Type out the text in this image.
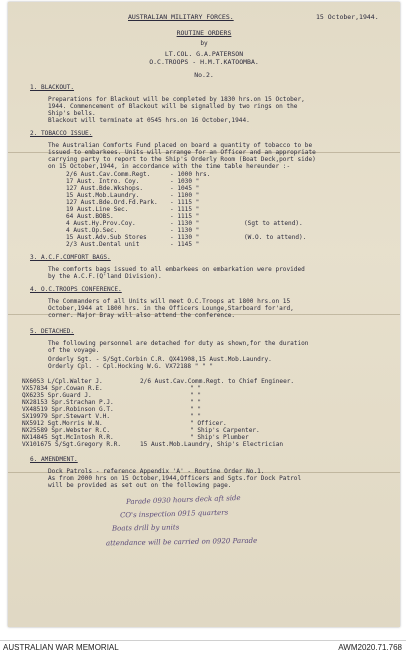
AUSTRALIAN MILITARY FORCES.	15 October,1944.
ROUTINE ORDERS
by
LT.COL. G.A.PATERSON
O.C.TROOPS - H.M.T.KATOOMBA.
No.2.
1. BLACKOUT.
Preparations for Blackout will be completed by 1830 hrs.on 15 October,
1944. Commencement of Blackout will be signalled by two rings on the
Ship's bells.
Blackout will terminate at 0545 hrs.on 16 October,1944.
2. TOBACCO ISSUE.
The Australian Comforts Fund placed on board a quantity of tobacco to be
issued to embarkees. Units will arrange for an Officer and an appropriate
carrying party to report to the Ship's Orderly Room (Boat Deck,port side)
on 15 October,1944, in accordance with the time table hereunder :-
2/6 Aust.Cav.Comm.Regt.	- 1000 hrs.
17 Aust. Intro. Coy.	- 1030 "
127 Aust.Bde.Wkshops.	- 1045 "
15 Aust.Mob.Laundry.	- 1100 "
127 Aust.Bde.Ord.Fd.Park. - 1115 "
19 Aust.Line Sec.	- 1115 "
64 Aust.BOBS.	- 1115 "
4 Aust.Hy.Prov.Coy.	- 1130 "	(Sgt to attend).
4 Aust.Op.Sec.	- 1130 "
15 Aust.Adv.Sub Stores	- 1130 "	(W.O. to attend).
2/3 Aust.Dental unit	- 1145 "
3. A.C.F.COMFORT BAGS.
The comforts bags issued to all embarkees on embarkation were provided
by the A.C.F.(Q'land Division).
4. O.C.TROOPS CONFERENCE.
The Commanders of all Units will meet O.C.Troops at 1800 hrs.on 15
October,1944 at 1800 hrs. in the Officers Lounge,Starboard for'ard,
corner. Major Bray will also attend the conference.
5. DETACHED.
The following personnel are detached for duty as shown,for the duration
of the voyage.
Orderly Sgt. - S/Sgt.Corbin C.R. QX41908,15 Aust.Mob.Laundry.
Orderly Cpl. - Cpl.Hocking W.G. VX72188 " " "
NX6053 L/Cpl.Walter J.	2/6 Aust.Cav.Comm.Regt. to Chief Engineer.
VX57834 Spr.Cowan R.E.	" "
QX6235 Spr.Guard J.	" "
NX28153 Spr.Strachan P.J.	" "
VX48519 Spr.Robinson G.T.	" "
SX19979 Spr.Stewart V.H.	" "
NX5912 Sgt.Morris W.N.	" Officer.
NX25589 Spr.Webster R.C.	" Ship's Carpenter.
NX14845 Sgt.McIntosh R.R.	" Ship's Plumber
VX101675 S/Sgt.Gregory R.R.	15 Aust.Mob.Laundry, Ship's Electrician
6. AMENDMENT.
Dock Patrols - reference Appendix 'A' - Routine Order No.1.
As from 2000 hrs on 15 October,1944,Officers and Sgts.for Dock Patrol
will be provided as set out on the following page.
Parade 0930 hours deck aft side
CO's inspection 0915 quarters
Boats drill by units
attendance will be carried on 0920 Parade
AUSTRALIAN WAR MEMORIAL	AWM2020.71.768
